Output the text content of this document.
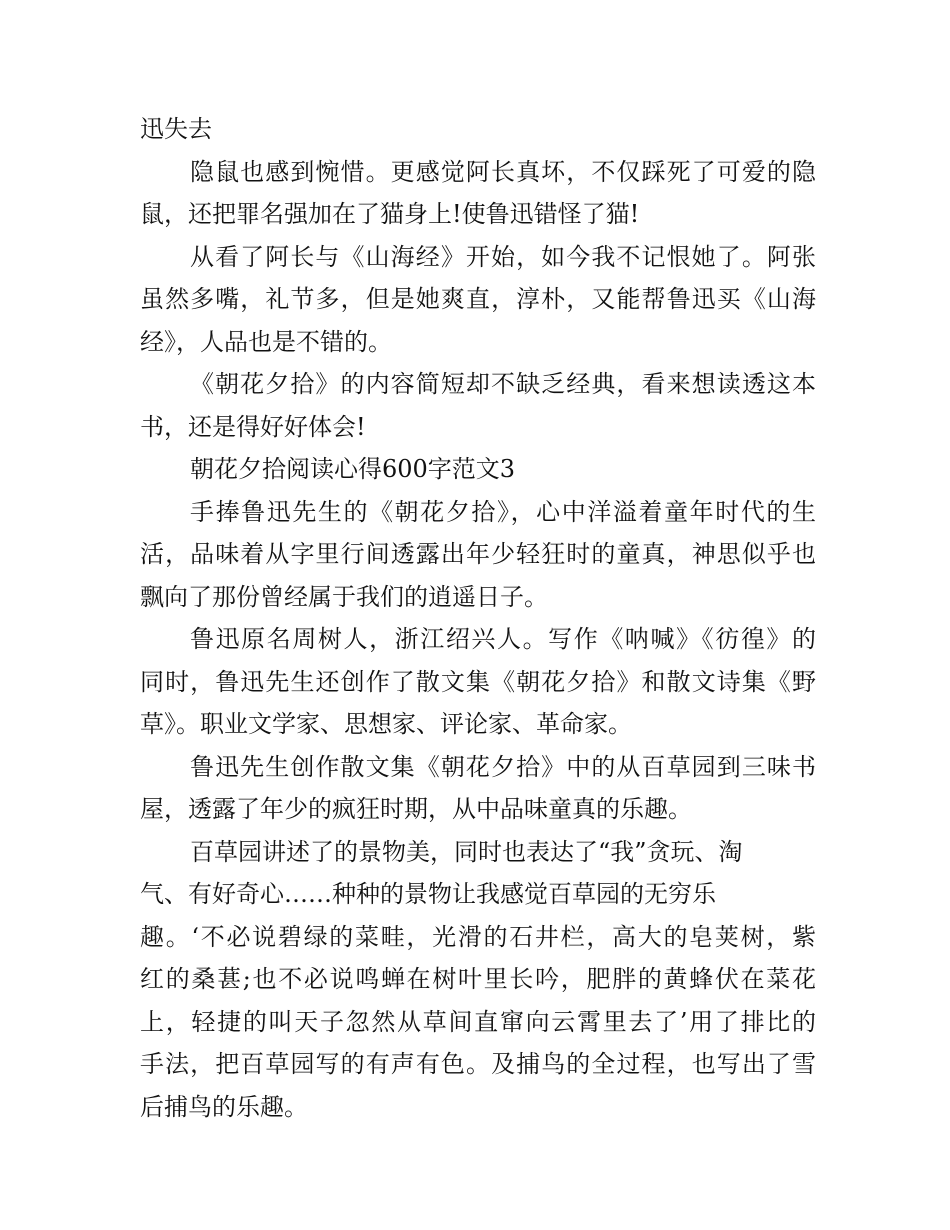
迅失去
隐鼠也感到惋惜。更感觉阿长真坏，不仅踩死了可爱的隐
鼠，还把罪名强加在了猫身上!使鲁迅错怪了猫!
从看了阿长与《山海经》开始，如今我不记恨她了。阿张
虽然多嘴，礼节多，但是她爽直，淳朴，又能帮鲁迅买《山海
经》，人品也是不错的。
《朝花夕拾》的内容简短却不缺乏经典，看来想读透这本
书，还是得好好体会!
朝花夕拾阅读心得600字范文3
手捧鲁迅先生的《朝花夕拾》，心中洋溢着童年时代的生
活，品味着从字里行间透露出年少轻狂时的童真，神思似乎也
飘向了那份曾经属于我们的逍遥日子。
鲁迅原名周树人，浙江绍兴人。写作《呐喊》《彷徨》的
同时，鲁迅先生还创作了散文集《朝花夕拾》和散文诗集《野
草》。职业文学家、思想家、评论家、革命家。
鲁迅先生创作散文集《朝花夕拾》中的从百草园到三味书
屋，透露了年少的疯狂时期，从中品味童真的乐趣。
百草园讲述了的景物美，同时也表达了“我”贪玩、淘
气、有好奇心……种种的景物让我感觉百草园的无穷乐
趣。‘不必说碧绿的菜畦，光滑的石井栏，高大的皂荚树，紫
红的桑葚;也不必说鸣蝉在树叶里长吟，肥胖的黄蜂伏在菜花
上，轻捷的叫天子忽然从草间直窜向云霄里去了’用了排比的
手法，把百草园写的有声有色。及捕鸟的全过程，也写出了雪
后捕鸟的乐趣。
